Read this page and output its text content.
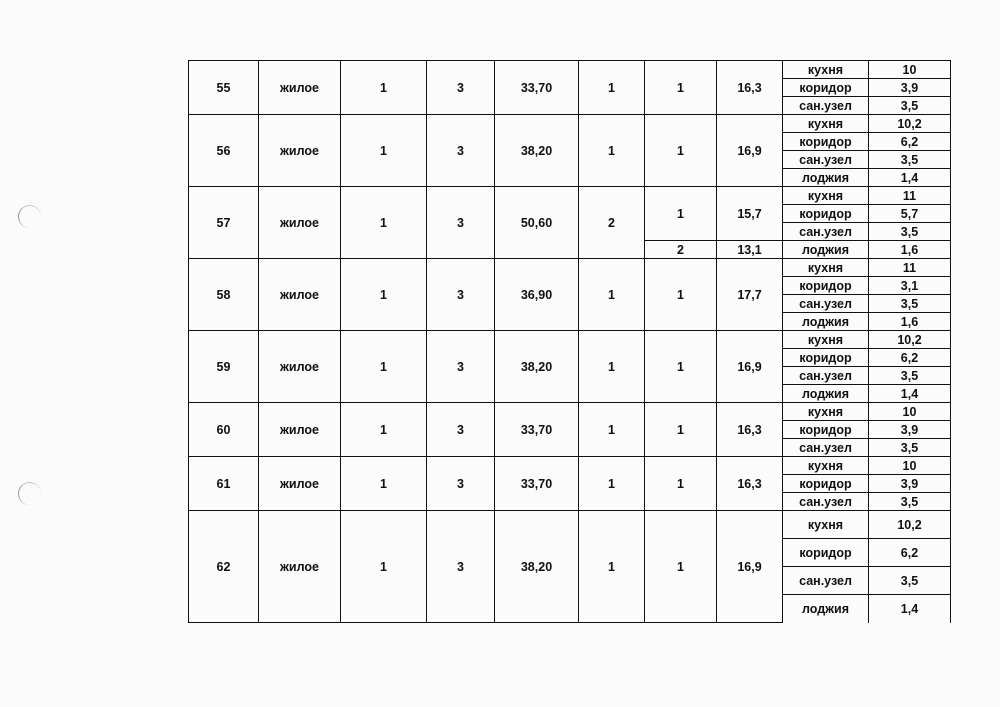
55	жилое	1	3	33,70	1	1	16,3	кухня	10
								коридор	3,9
								сан.узел	3,5
56	жилое	1	3	38,20	1	1	16,9	кухня	10,2
								коридор	6,2
								сан.узел	3,5
								лоджия	1,4
57	жилое	1	3	50,60	2	1	15,7	кухня	11
								коридор	5,7
								сан.узел	3,5
						2	13,1	лоджия	1,6
58	жилое	1	3	36,90	1	1	17,7	кухня	11
								коридор	3,1
								сан.узел	3,5
								лоджия	1,6
59	жилое	1	3	38,20	1	1	16,9	кухня	10,2
								коридор	6,2
								сан.узел	3,5
								лоджия	1,4
60	жилое	1	3	33,70	1	1	16,3	кухня	10
								коридор	3,9
								сан.узел	3,5
61	жилое	1	3	33,70	1	1	16,3	кухня	10
								коридор	3,9
								сан.узел	3,5
62	жилое	1	3	38,20	1	1	16,9	кухня	10,2
								коридор	6,2
								сан.узел	3,5
								лоджия	1,4
